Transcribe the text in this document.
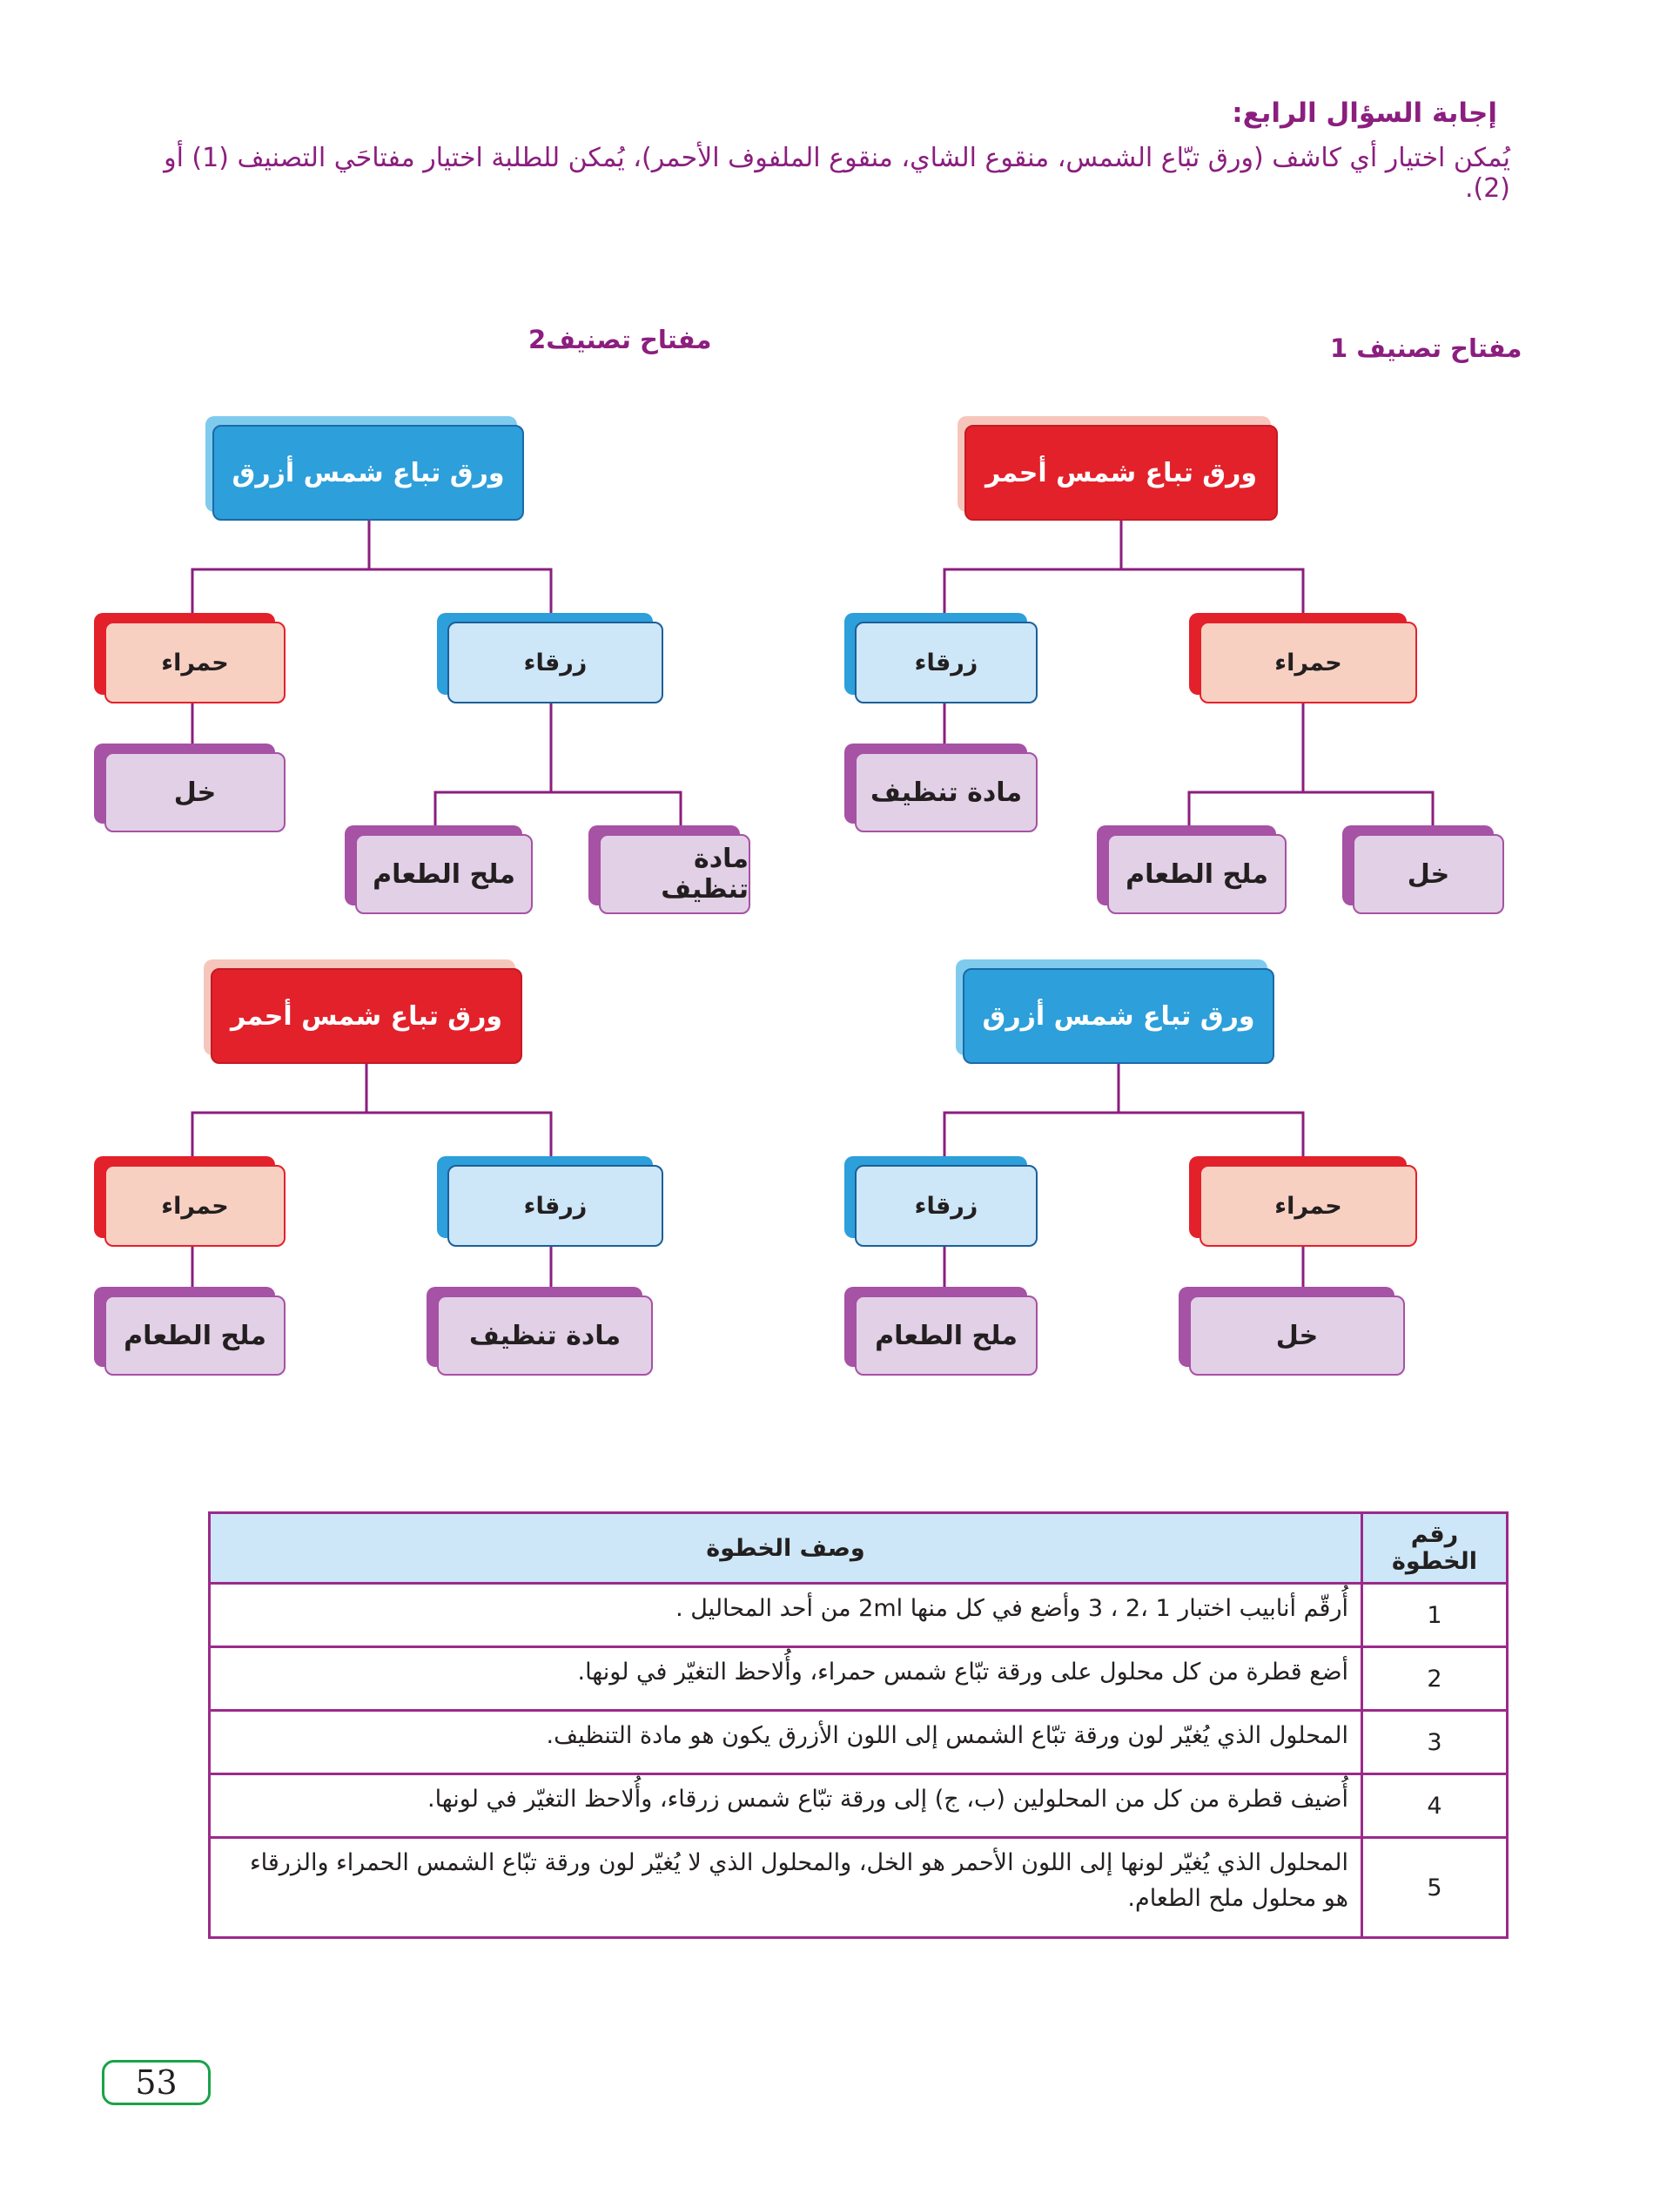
إجابة السؤال الرابع:
يُمكن اختيار أي كاشف (ورق تبّاع الشمس، منقوع الشاي، منقوع الملفوف الأحمر)، يُمكن للطلبة اختيار مفتاحَي التصنيف (1) أو (2).
مفتاح تصنيف 1
مفتاح تصنيف2
ورق تباع شمس أحمر
حمراء
زرقاء
خل
ملح الطعام
مادة تنظيف
ورق تباع شمس أزرق
زرقاء
حمراء
مادة تنظيف
ملح الطعام
خل
ورق تباع شمس أزرق
حمراء
زرقاء
خل
ملح الطعام
ورق تباع شمس أحمر
زرقاء
حمراء
مادة تنظيف
ملح الطعام
رقم الخطوة	وصف الخطوة
1	أُرقّم أنابيب اختبار 1 ،2 ، 3 وأضع في كل منها 2ml من أحد المحاليل .
2	أضع قطرة من كل محلول على ورقة تبّاع شمس حمراء، وأُلاحظ التغيّر في لونها.
3	المحلول الذي يُغيّر لون ورقة تبّاع الشمس إلى اللون الأزرق يكون هو مادة التنظيف.
4	أُضيف قطرة من كل من المحلولين (ب، ج) إلى ورقة تبّاع شمس زرقاء، وأُلاحظ التغيّر في لونها.
5	المحلول الذي يُغيّر لونها إلى اللون الأحمر هو الخل، والمحلول الذي لا يُغيّر لون ورقة تبّاع الشمس الحمراء والزرقاء هو محلول ملح الطعام.
53
